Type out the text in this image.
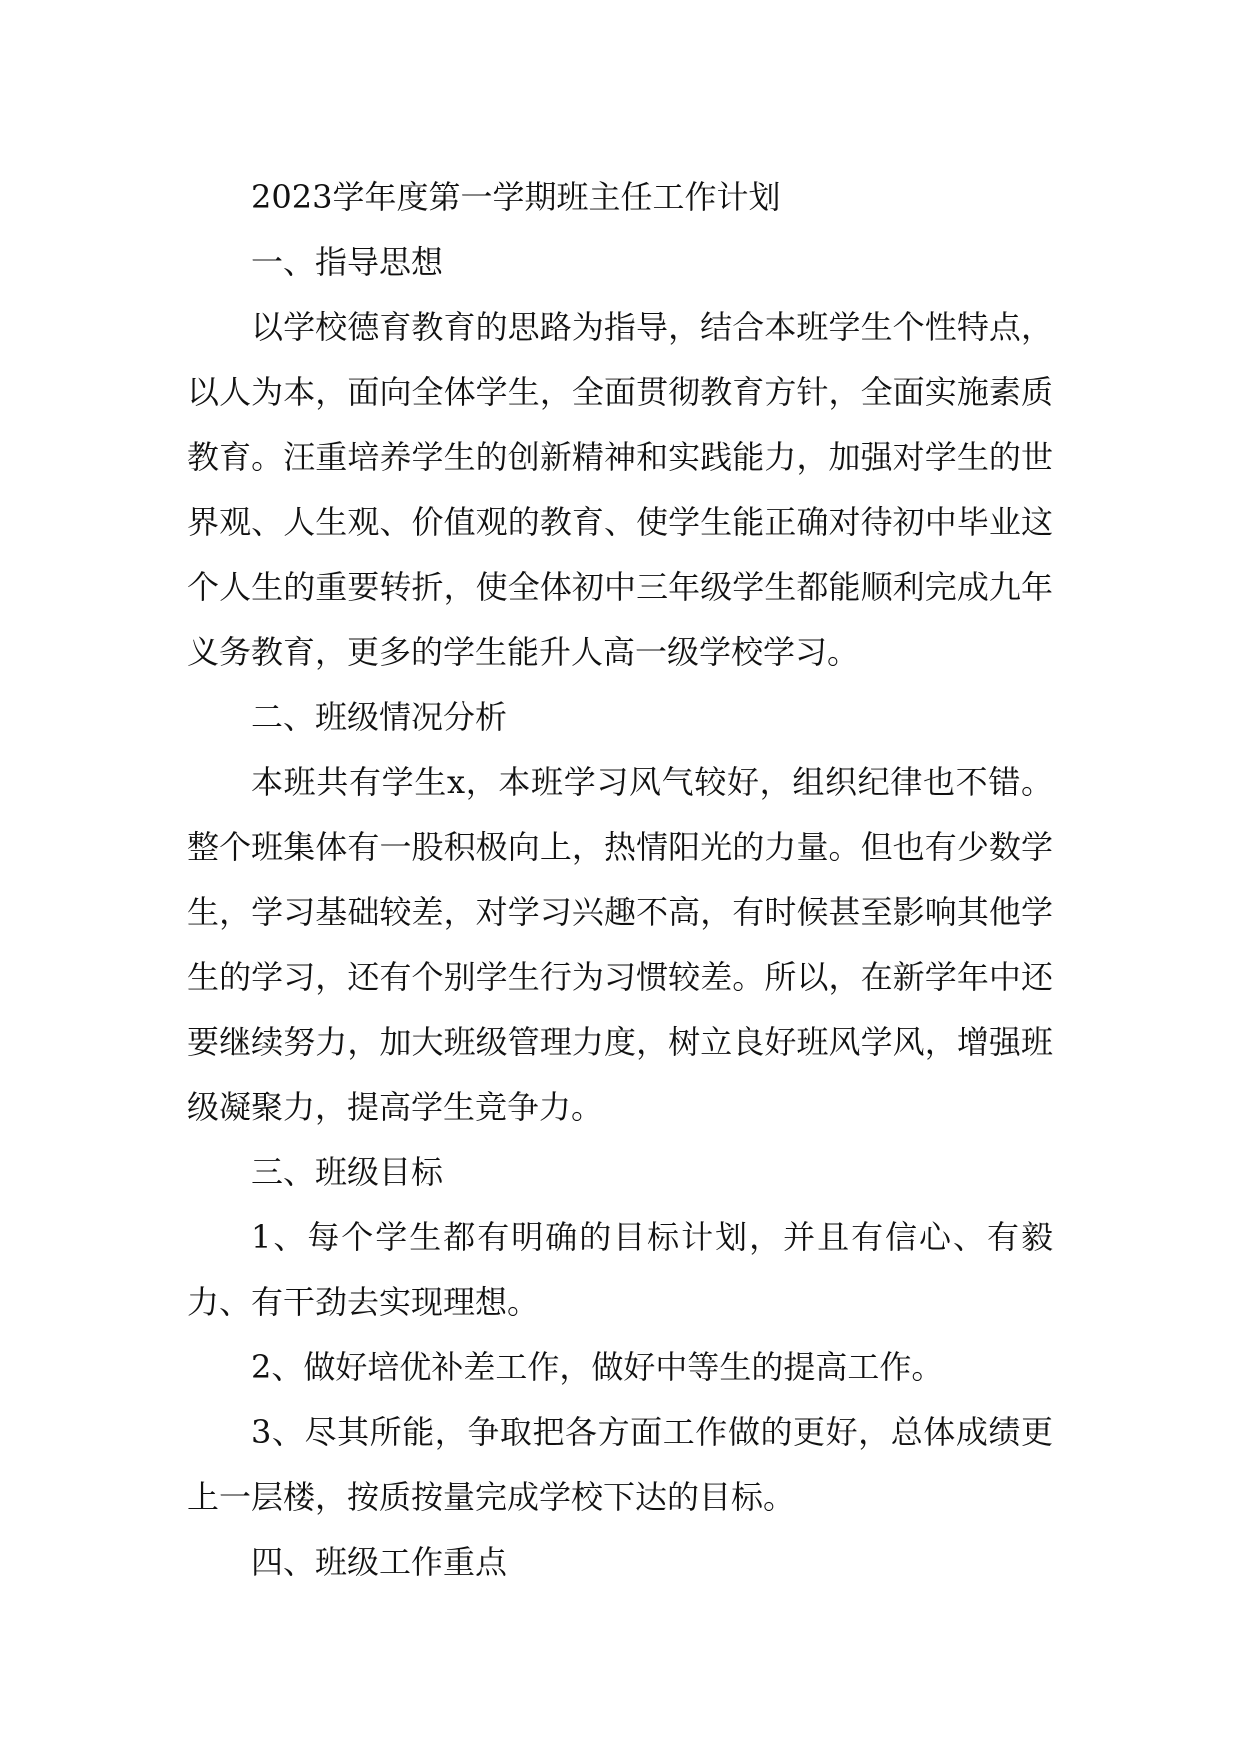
2023学年度第一学期班主任工作计划

一、指导思想

以学校德育教育的思路为指导，结合本班学生个性特点，以人为本，面向全体学生，全面贯彻教育方针，全面实施素质教育。汪重培养学生的创新精神和实践能力，加强对学生的世界观、人生观、价值观的教育、使学生能正确对待初中毕业这个人生的重要转折，使全体初中三年级学生都能顺利完成九年义务教育，更多的学生能升人高一级学校学习。

二、班级情况分析

本班共有学生x，本班学习风气较好，组织纪律也不错。整个班集体有一股积极向上，热情阳光的力量。但也有少数学生，学习基础较差，对学习兴趣不高，有时候甚至影响其他学生的学习，还有个别学生行为习惯较差。所以，在新学年中还要继续努力，加大班级管理力度，树立良好班风学风，增强班级凝聚力，提高学生竞争力。

三、班级目标

1、每个学生都有明确的目标计划，并且有信心、有毅力、有干劲去实现理想。

2、做好培优补差工作，做好中等生的提高工作。

3、尽其所能，争取把各方面工作做的更好，总体成绩更上一层楼，按质按量完成学校下达的目标。

四、班级工作重点
